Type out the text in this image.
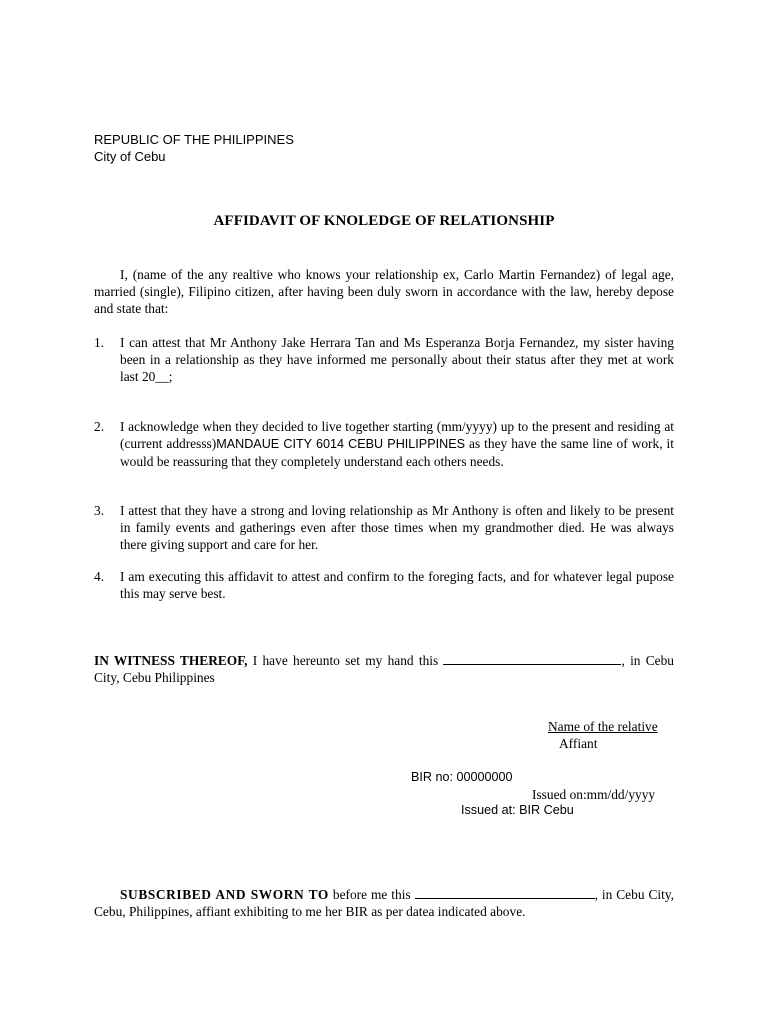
REPUBLIC OF THE PHILIPPINES
City of Cebu
AFFIDAVIT OF KNOLEDGE OF RELATIONSHIP
I, (name of the any realtive who knows your relationship ex, Carlo Martin Fernandez) of legal age, married (single), Filipino citizen, after having been duly sworn in accordance with the law, hereby depose and state that:
1.	I can attest that Mr Anthony Jake Herrara Tan and Ms Esperanza Borja Fernandez, my sister having been in a relationship as they have informed me personally about their status after they met at work last 20__;
2.	I acknowledge when they decided to live together starting (mm/yyyy) up to the present and residing at (current addresss)MANDAUE CITY 6014 CEBU PHILIPPINES as they have the same line of work, it would be reassuring that they completely understand each others needs.
3.	I attest that they have a strong and loving relationship as Mr Anthony is often and likely to be present in family events and gatherings even after those times when my grandmother died. He was always there giving support and care for her.
4.	I am executing this affidavit to attest and confirm to the foreging facts, and for whatever legal pupose this may serve best.
IN WITNESS THEREOF, I have hereunto set my hand this	, in Cebu City, Cebu Philippines
Name of the relative
Affiant
BIR no: 00000000
Issued on:mm/dd/yyyy
Issued at: BIR Cebu
SUBSCRIBED AND SWORN TO before me this	, in Cebu City, Cebu, Philippines, affiant exhibiting to me her BIR as per datea indicated above.
